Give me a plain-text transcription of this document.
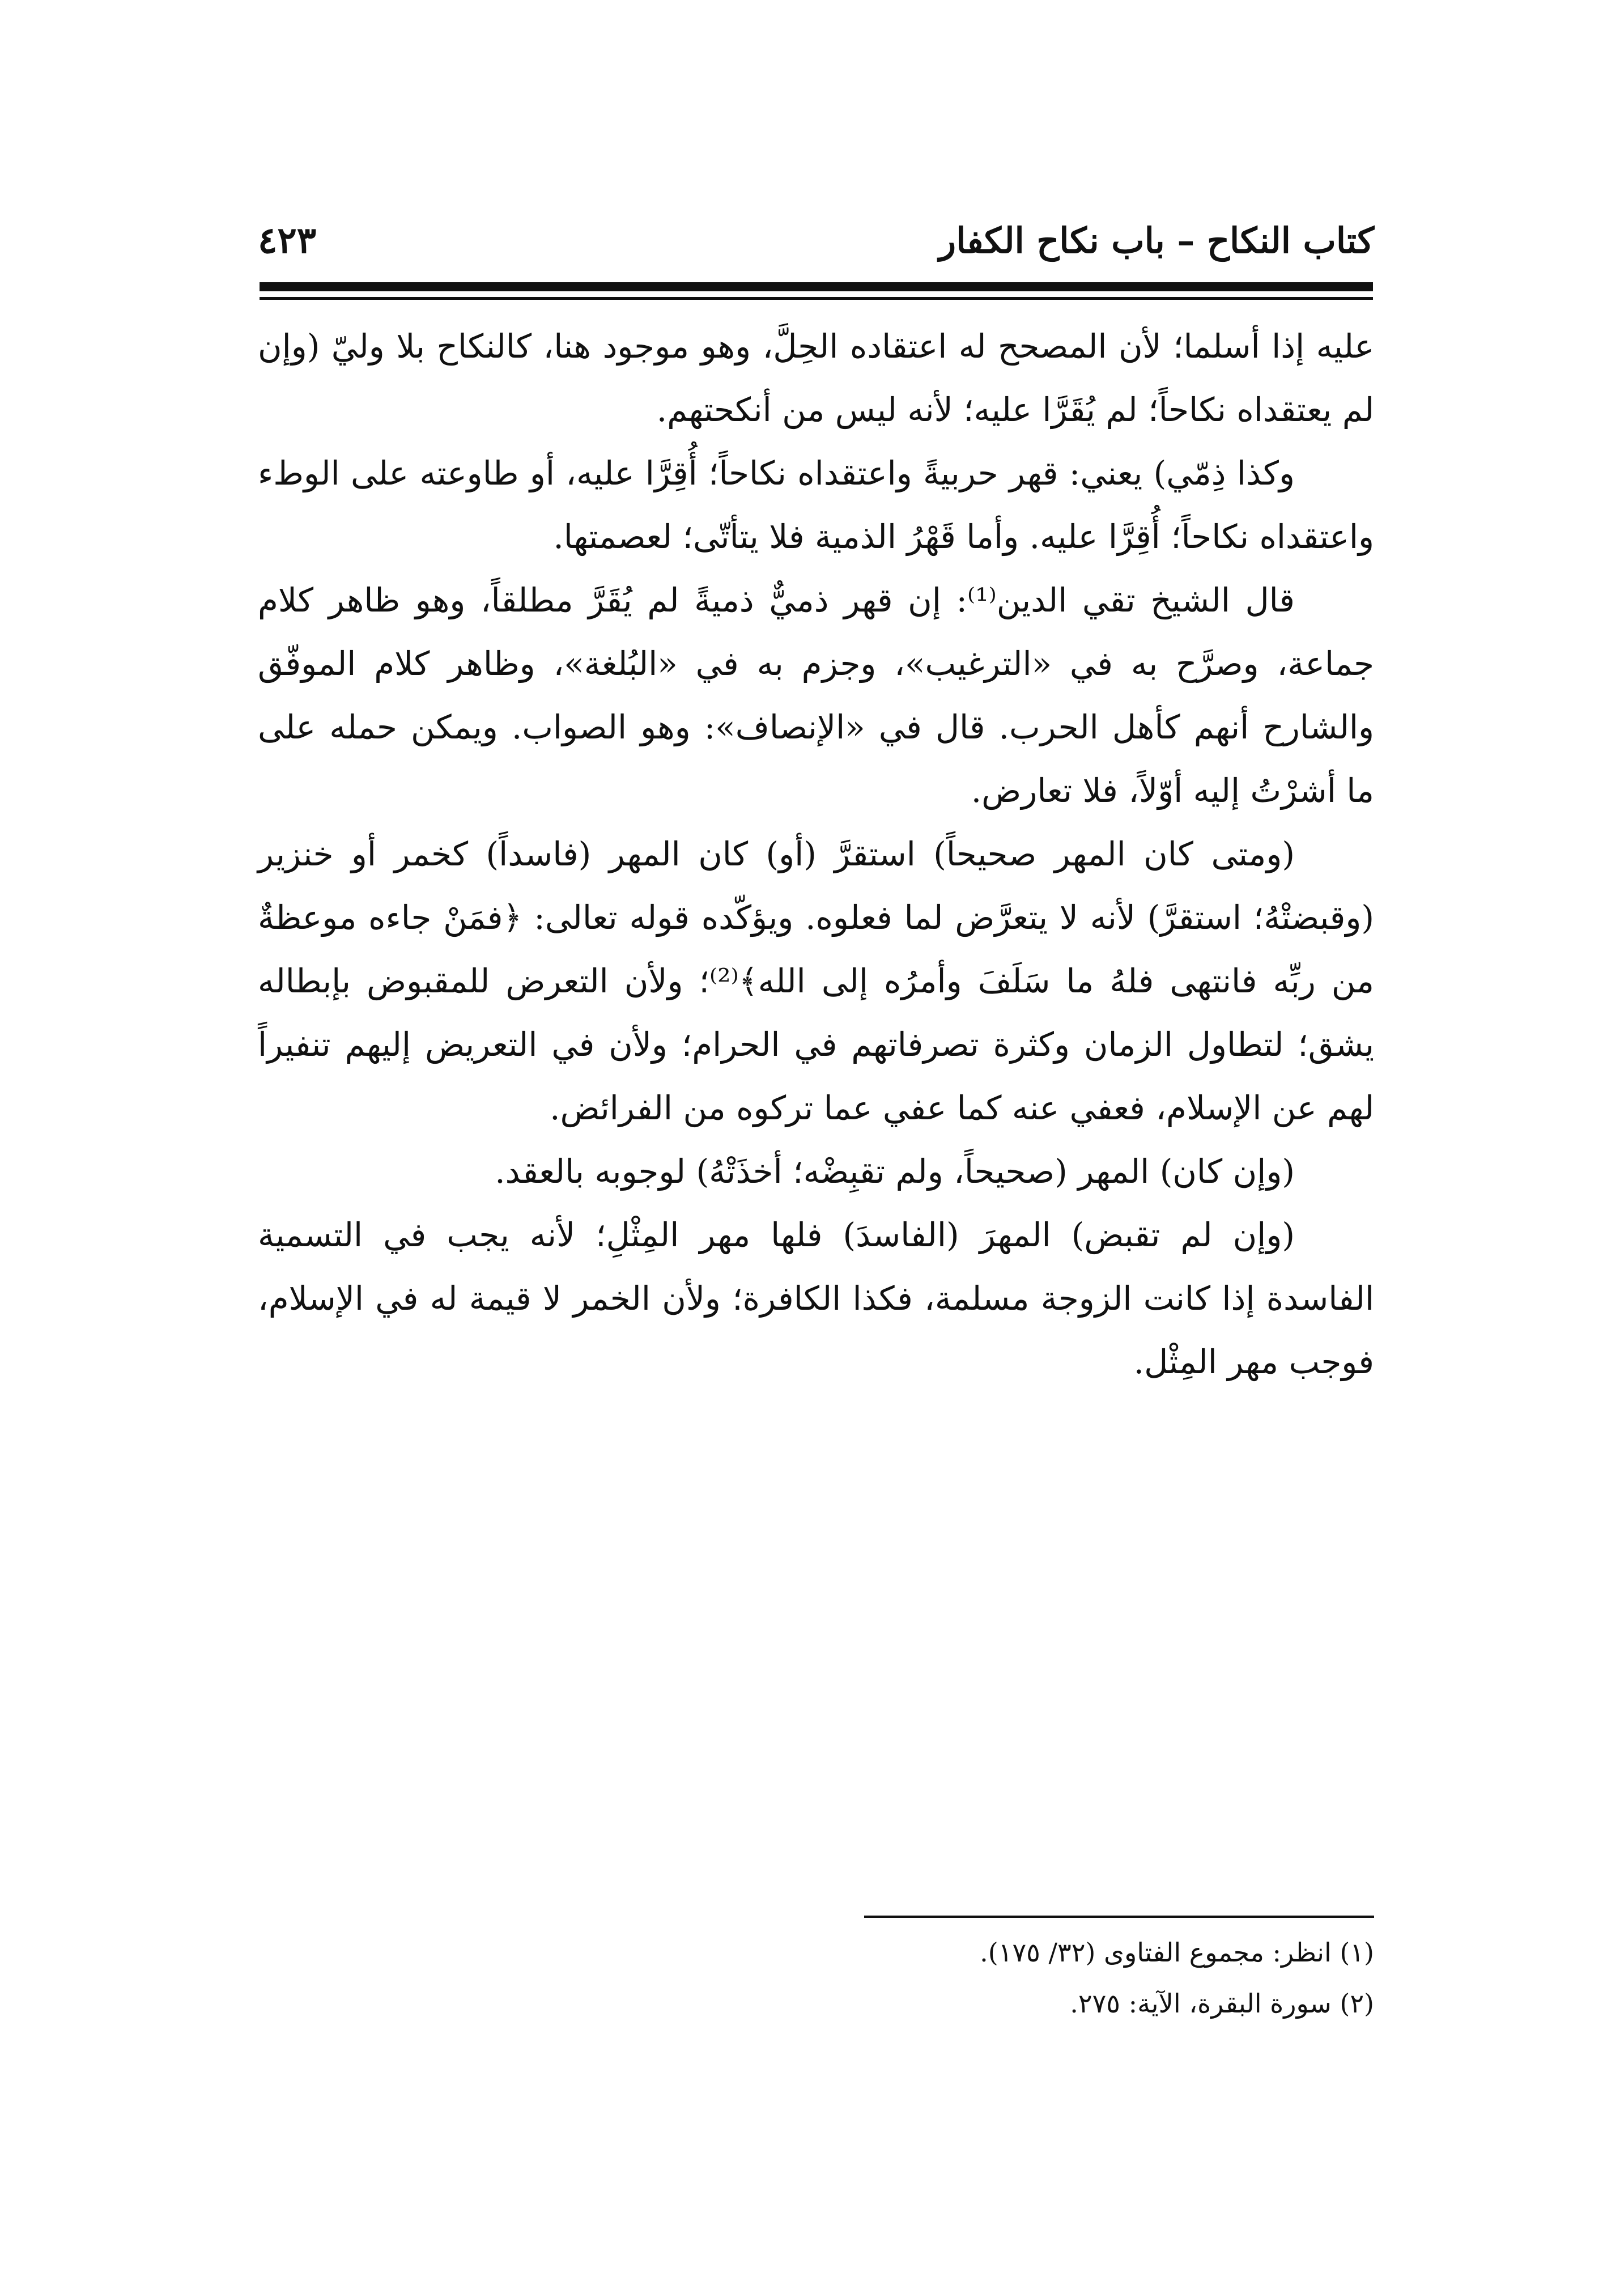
كتاب النكاح – باب نكاح الكفار
٤٢٣

عليه إذا أسلما؛ لأن المصحح له اعتقاده الحِلَّ، وهو موجود هنا، كالنكاح بلا وليّ (وإن لم يعتقداه نكاحاً؛ لم يُقَرَّا عليه؛ لأنه ليس من أنكحتهم.

وكذا ذِمّي) يعني: قهر حربيةً واعتقداه نكاحاً؛ أُقِرَّا عليه، أو طاوعته على الوطء واعتقداه نكاحاً؛ أُقِرَّا عليه. وأما قَهْرُ الذمية فلا يتأتّى؛ لعصمتها.

قال الشيخ تقي الدين⁽¹⁾: إن قهر ذميٌّ ذميةً لم يُقَرَّ مطلقاً، وهو ظاهر كلام جماعة، وصرَّح به في «الترغيب»، وجزم به في «البُلغة»، وظاهر كلام الموفّق والشارح أنهم كأهل الحرب. قال في «الإنصاف»: وهو الصواب. ويمكن حمله على ما أشرْتُ إليه أوّلاً، فلا تعارض.

(ومتى كان المهر صحيحاً) استقرَّ (أو) كان المهر (فاسداً) كخمر أو خنزير (وقبضتْهُ؛ استقرَّ) لأنه لا يتعرَّض لما فعلوه. ويؤكّده قوله تعالى: ﴿فمَنْ جاءه موعظةٌ من ربِّه فانتهى فلهُ ما سَلَفَ وأمرُه إلى الله﴾⁽²⁾؛ ولأن التعرض للمقبوض بإبطاله يشق؛ لتطاول الزمان وكثرة تصرفاتهم في الحرام؛ ولأن في التعريض إليهم تنفيراً لهم عن الإسلام، فعفي عنه كما عفي عما تركوه من الفرائض.

(وإن كان) المهر (صحيحاً، ولم تقبِضْه؛ أخذَتْهُ) لوجوبه بالعقد.

(وإن لم تقبض) المهرَ (الفاسدَ) فلها مهر المِثْلِ؛ لأنه يجب في التسمية الفاسدة إذا كانت الزوجة مسلمة، فكذا الكافرة؛ ولأن الخمر لا قيمة له في الإسلام، فوجب مهر المِثْل.

(١) انظر: مجموع الفتاوى (٣٢/ ١٧٥).

(٢) سورة البقرة، الآية: ٢٧٥.
